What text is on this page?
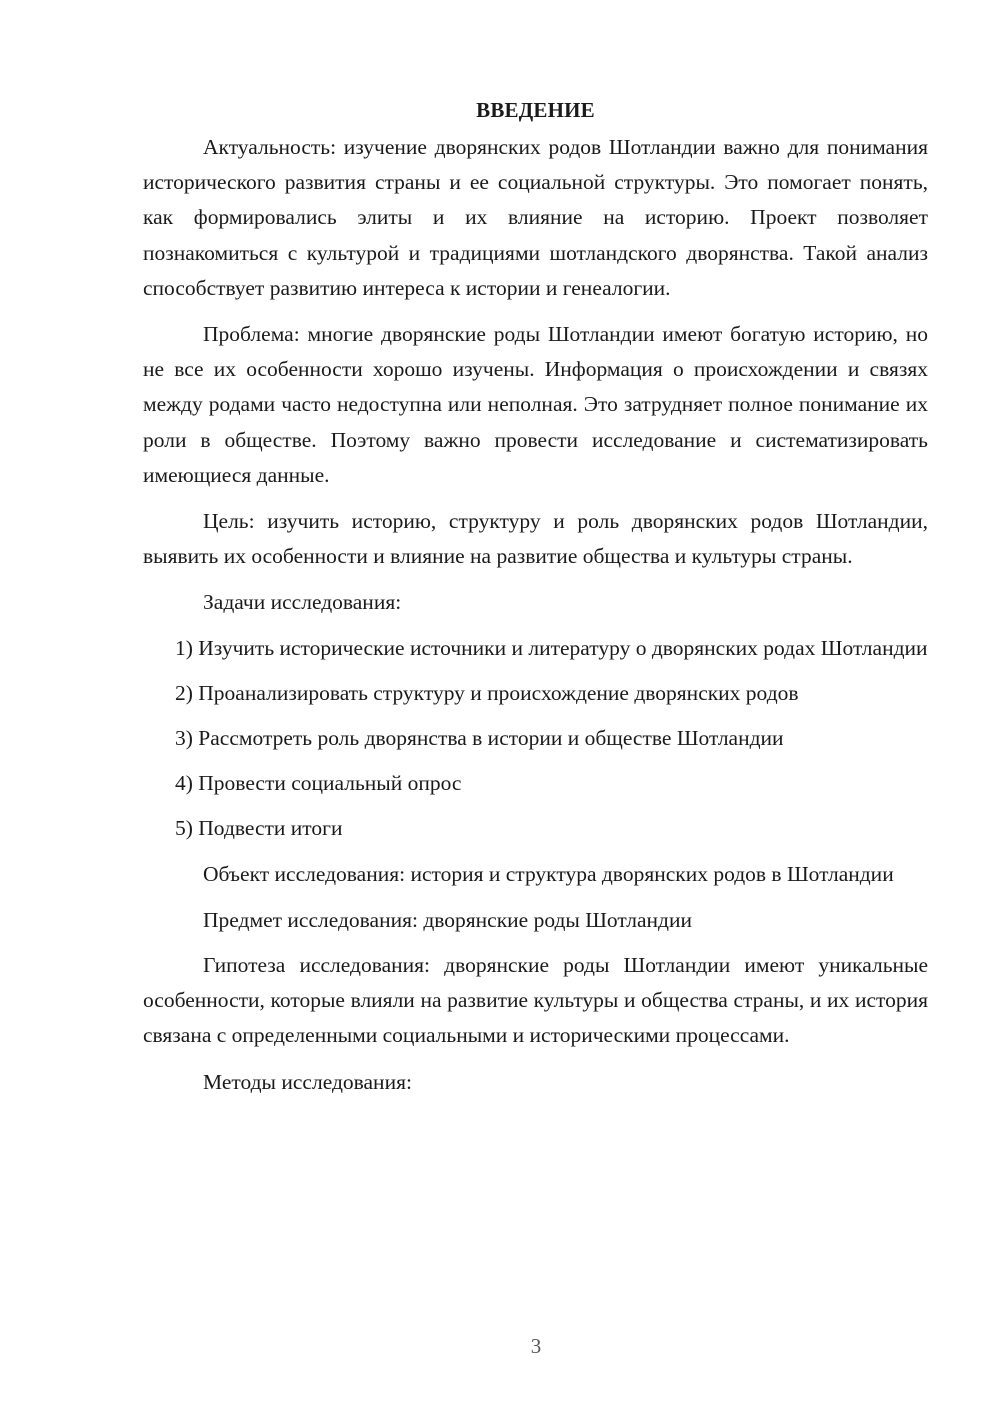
ВВЕДЕНИЕ

Актуальность: изучение дворянских родов Шотландии важно для понимания исторического развития страны и ее социальной структуры. Это помогает понять, как формировались элиты и их влияние на историю. Проект позволяет познакомиться с культурой и традициями шотландского дворянства. Такой анализ способствует развитию интереса к истории и генеалогии.

Проблема: многие дворянские роды Шотландии имеют богатую историю, но не все их особенности хорошо изучены. Информация о происхождении и связях между родами часто недоступна или неполная. Это затрудняет полное понимание их роли в обществе. Поэтому важно провести исследование и систематизировать имеющиеся данные.

Цель: изучить историю, структуру и роль дворянских родов Шотландии, выявить их особенности и влияние на развитие общества и культуры страны.

Задачи исследования:

1) Изучить исторические источники и литературу о дворянских родах Шотландии

2) Проанализировать структуру и происхождение дворянских родов

3) Рассмотреть роль дворянства в истории и обществе Шотландии

4) Провести социальный опрос

5) Подвести итоги

Объект исследования: история и структура дворянских родов в Шотландии

Предмет исследования: дворянские роды Шотландии

Гипотеза исследования: дворянские роды Шотландии имеют уникальные особенности, которые влияли на развитие культуры и общества страны, и их история связана с определенными социальными и историческими процессами.

Методы исследования:

3
